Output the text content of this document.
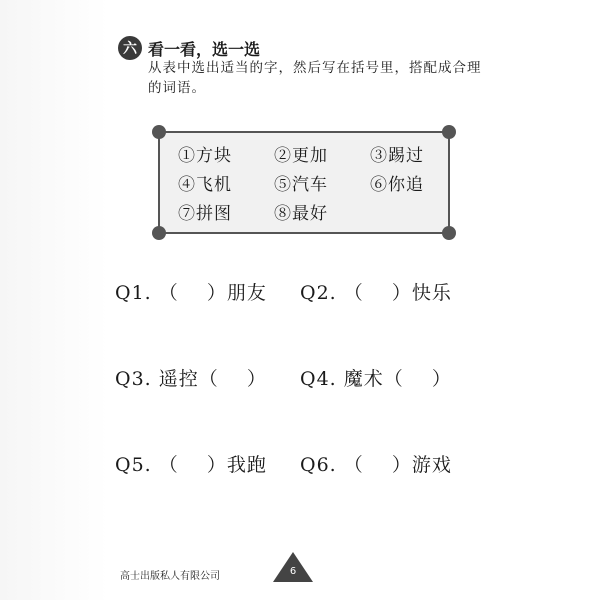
六 看一看，选一选
从表中选出适当的字，然后写在括号里，搭配成合理的词语。
①方块	②更加	③踢过
④飞机	⑤汽车	⑥你追
⑦拼图	⑧最好
Q1. （    ）朋友 Q2. （    ）快乐
Q3. 遥控（    ） Q4. 魔术（    ）
Q5. （    ）我跑 Q6. （    ）游戏
高士出版私人有限公司	6
